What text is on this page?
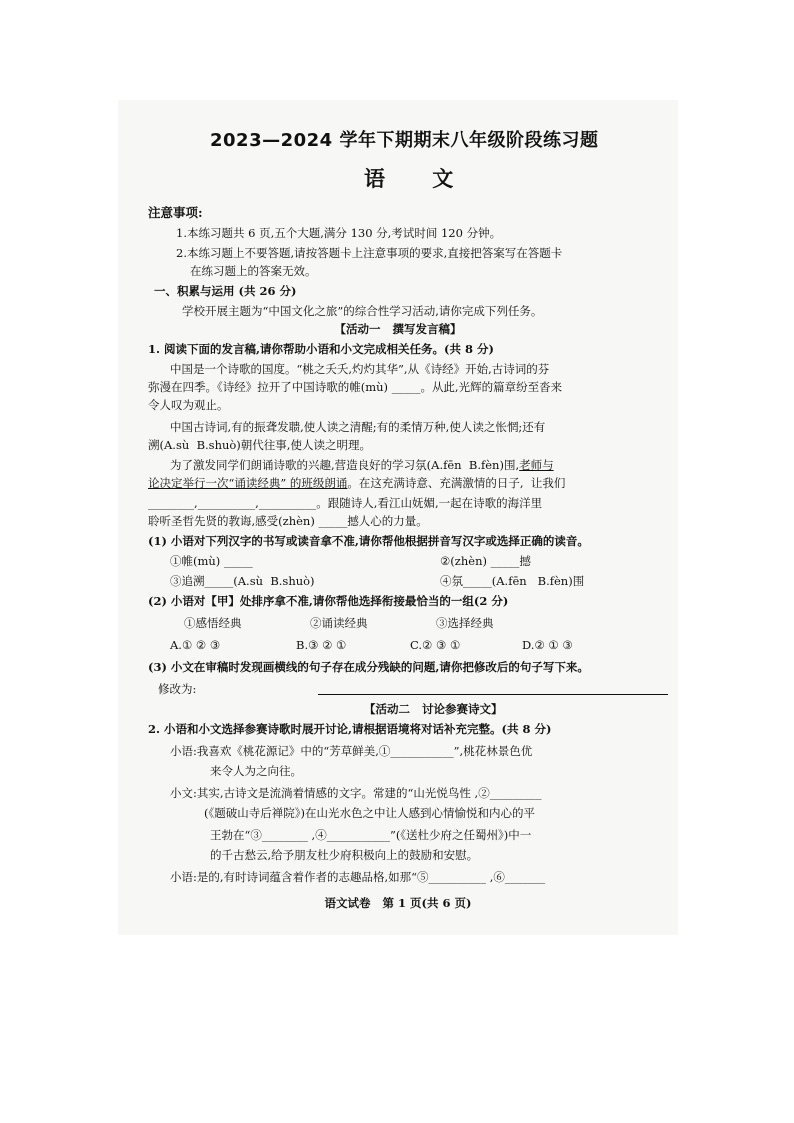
2023—2024 学年下期期末八年级阶段练习题
语 文
注意事项:
1.本练习题共 6 页,五个大题,满分 130 分,考试时间 120 分钟。
2.本练习题上不要答题,请按答题卡上注意事项的要求,直接把答案写在答题卡
在练习题上的答案无效。
一、积累与运用 (共 26 分)
学校开展主题为“中国文化之旅”的综合性学习活动,请你完成下列任务。
【活动一   撰写发言稿】
1. 阅读下面的发言稿,请你帮助小语和小文完成相关任务。(共 8 分)
中国是一个诗歌的国度。“桃之夭夭,灼灼其华”,从《诗经》开始,古诗词的芬
弥漫在四季。《诗经》拉开了中国诗歌的帷(mù) _____。从此,光辉的篇章纷至沓来
令人叹为观止。
中国古诗词,有的振聋发聩,使人读之清醒;有的柔情万种,使人读之怅惘;还有
溯(A.sù  B.shuò)朝代往事,使人读之明理。
为了激发同学们朗诵诗歌的兴趣,营造良好的学习氛(A.fēn  B.fèn)围,老师与
论决定举行一次“诵读经典” 的班级朗诵。在这充满诗意、充满激情的日子,  让我们
________,__________,__________。跟随诗人,看江山妩媚,一起在诗歌的海洋里
聆听圣哲先贤的教诲,感受(zhèn) _____撼人心的力量。
(1) 小语对下列汉字的书写或读音拿不准,请你帮他根据拼音写汉字或选择正确的读音。
①帷(mù) _____	②(zhèn) _____撼
③追溯_____(A.sù  B.shuò)	④氛_____(A.fēn   B.fèn)围
(2) 小语对【甲】处排序拿不准,请你帮他选择衔接最恰当的一组(2 分)
①感悟经典	②诵读经典	③选择经典
A.① ② ③	B.③ ② ①	C.② ③ ①	D.② ① ③
(3) 小文在审稿时发现画横线的句子存在成分残缺的问题,请你把修改后的句子写下来。
修改为:
【活动二   讨论参赛诗文】
2. 小语和小文选择参赛诗歌时展开讨论,请根据语境将对话补充完整。(共 8 分)
小语:我喜欢《桃花源记》中的“芳草鲜美,①___________”,桃花林景色优
来令人为之向往。
小文:其实,古诗文是流淌着情感的文字。常建的“山光悦鸟性 ,②_________
(《题破山寺后禅院》)在山光水色之中让人感到心情愉悦和内心的平
王勃在“③________ ,④___________”(《送杜少府之任蜀州》)中一
的千古愁云,给予朋友杜少府积极向上的鼓励和安慰。
小语:是的,有时诗词蕴含着作者的志趣品格,如那“⑤__________ ,⑥_______
语文试卷   第 1 页(共 6 页)
